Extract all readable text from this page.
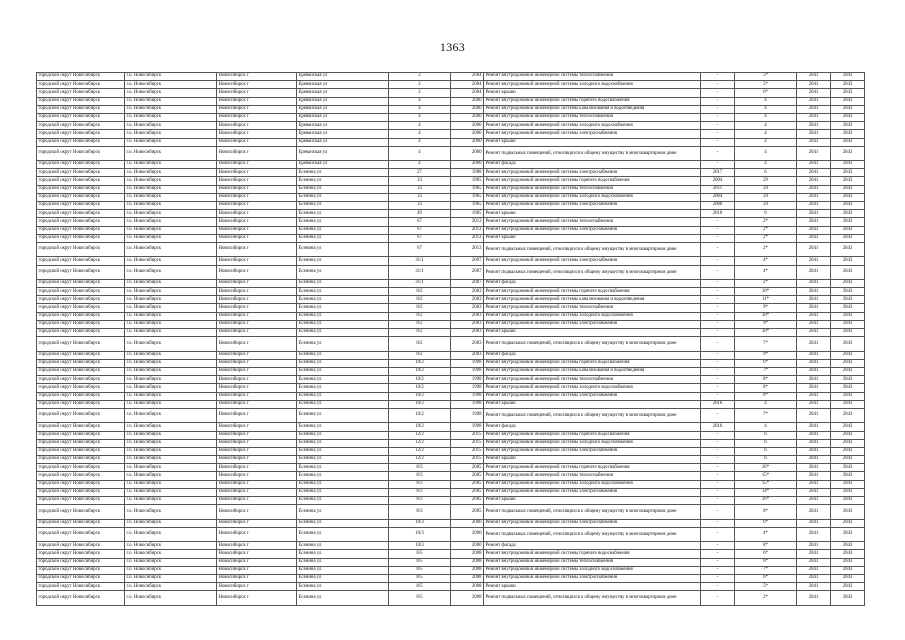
1363
городской округ Новосибирск	г.о. Новосибирск	Новосибирск г	Ереванская ул	2	2004	Ремонт внутридомовой инженерной системы теплоснабжения	-	5*	2041	2043
городской округ Новосибирск	г.о. Новосибирск	Новосибирск г	Ереванская ул	2	2004	Ремонт внутридомовой инженерной системы холодного водоснабжения	-	5*	2041	2043
городской округ Новосибирск	г.о. Новосибирск	Новосибирск г	Ереванская ул	2	2004	Ремонт крыши	-	6*	2041	2043
городской округ Новосибирск	г.о. Новосибирск	Новосибирск г	Ереванская ул	4	2000	Ремонт внутридомовой инженерной системы горячего водоснабжения	-	4	2041	2043
городской округ Новосибирск	г.о. Новосибирск	Новосибирск г	Ереванская ул	4	2000	Ремонт внутридомовой инженерной системы канализования и водоотведения	-	4	2041	2043
городской округ Новосибирск	г.о. Новосибирск	Новосибирск г	Ереванская ул	4	2000	Ремонт внутридомовой инженерной системы теплоснабжения	-	4	2041	2043
городской округ Новосибирск	г.о. Новосибирск	Новосибирск г	Ереванская ул	4	2000	Ремонт внутридомовой инженерной системы холодного водоснабжения	-	4	2041	2043
городской округ Новосибирск	г.о. Новосибирск	Новосибирск г	Ереванская ул	4	2000	Ремонт внутридомовой инженерной системы электроснабжения	-	4	2041	2043
городской округ Новосибирск	г.о. Новосибирск	Новосибирск г	Ереванская ул	4	2000	Ремонт крыши	-	4	2041	2043
городской округ Новосибирск	г.о. Новосибирск	Новосибирск г	Ереванская ул	4	2000	Ремонт подвальных помещений, относящихся к общему имуществу в многоквартирном доме	-	4	2041	2043
городской округ Новосибирск	г.о. Новосибирск	Новосибирск г	Ереванская ул	4	2000	Ремонт фасада	-	4	2041	2043
городской округ Новосибирск	г.о. Новосибирск	Новосибирск г	Есенина ул	27	1988	Ремонт внутридомовой инженерной системы электроснабжения	2017	6	2041	2043
городской округ Новосибирск	г.о. Новосибирск	Новосибирск г	Есенина ул	33	1965	Ремонт внутридомовой инженерной системы горячего водоснабжения	2004	29	2041	2043
городской округ Новосибирск	г.о. Новосибирск	Новосибирск г	Есенина ул	33	1965	Ремонт внутридомовой инженерной системы теплоснабжения	2011	29	2041	2043
городской округ Новосибирск	г.о. Новосибирск	Новосибирск г	Есенина ул	33	1965	Ремонт внутридомовой инженерной системы холодного водоснабжения	2004	29	2041	2043
городской округ Новосибирск	г.о. Новосибирск	Новосибирск г	Есенина ул	33	1965	Ремонт внутридомовой инженерной системы электроснабжения	2008	29	2041	2043
городской округ Новосибирск	г.о. Новосибирск	Новосибирск г	Есенина ул	49	1965	Ремонт крыши	2010	6	2041	2043
городской округ Новосибирск	г.о. Новосибирск	Новосибирск г	Есенина ул	67	2013	Ремонт внутридомовой инженерной системы теплоснабжения	-	2*	2041	2043
городской округ Новосибирск	г.о. Новосибирск	Новосибирск г	Есенина ул	67	2013	Ремонт внутридомовой инженерной системы электроснабжения	-	2*	2041	2043
городской округ Новосибирск	г.о. Новосибирск	Новосибирск г	Есенина ул	67	2013	Ремонт крыши	-	2*	2041	2043
городской округ Новосибирск	г.о. Новосибирск	Новосибирск г	Есенина ул	67	2013	Ремонт подвальных помещений, относящихся к общему имуществу в многоквартирном доме	-	2*	2041	2043
городской округ Новосибирск	г.о. Новосибирск	Новосибирск г	Есенина ул	31/1	2007	Ремонт внутридомовой инженерной системы электроснабжения	-	4*	2041	2043
городской округ Новосибирск	г.о. Новосибирск	Новосибирск г	Есенина ул	31/1	2007	Ремонт подвальных помещений, относящихся к общему имуществу в многоквартирном доме	-	4*	2041	2043
городской округ Новосибирск	г.о. Новосибирск	Новосибирск г	Есенина ул	31/1	2007	Ремонт фасада	-	2*	2041	2043
городской округ Новосибирск	г.о. Новосибирск	Новосибирск г	Есенина ул	8/2	2003	Ремонт внутридомовой инженерной системы горячего водоснабжения	-	10*	2041	2043
городской округ Новосибирск	г.о. Новосибирск	Новосибирск г	Есенина ул	8/2	2003	Ремонт внутридомовой инженерной системы канализования и водоотведения	-	11*	2041	2043
городской округ Новосибирск	г.о. Новосибирск	Новосибирск г	Есенина ул	8/2	2003	Ремонт внутридомовой инженерной системы теплоснабжения	-	9*	2041	2043
городской округ Новосибирск	г.о. Новосибирск	Новосибирск г	Есенина ул	8/2	2003	Ремонт внутридомовой инженерной системы холодного водоснабжения	-	10*	2041	2043
городской округ Новосибирск	г.о. Новосибирск	Новосибирск г	Есенина ул	8/2	2003	Ремонт внутридомовой инженерной системы электроснабжения	-	9*	2041	2043
городской округ Новосибирск	г.о. Новосибирск	Новосибирск г	Есенина ул	8/2	2003	Ремонт крыши	-	10*	2041	2043
городской округ Новосибирск	г.о. Новосибирск	Новосибирск г	Есенина ул	8/2	2003	Ремонт подвальных помещений, относящихся к общему имуществу в многоквартирном доме	-	7*	2041	2043
городской округ Новосибирск	г.о. Новосибирск	Новосибирск г	Есенина ул	8/2	2003	Ремонт фасада	-	9*	2041	2043
городской округ Новосибирск	г.о. Новосибирск	Новосибирск г	Есенина ул	10/2	1998	Ремонт внутридомовой инженерной системы горячего водоснабжения	-	6*	2041	2043
городской округ Новосибирск	г.о. Новосибирск	Новосибирск г	Есенина ул	10/2	1998	Ремонт внутридомовой инженерной системы канализования и водоотведения	-	7*	2041	2043
городской округ Новосибирск	г.о. Новосибирск	Новосибирск г	Есенина ул	10/2	1998	Ремонт внутридомовой инженерной системы теплоснабжения	-	8*	2041	2043
городской округ Новосибирск	г.о. Новосибирск	Новосибирск г	Есенина ул	10/2	1998	Ремонт внутридомовой инженерной системы холодного водоснабжения	-	8*	2041	2043
городской округ Новосибирск	г.о. Новосибирск	Новосибирск г	Есенина ул	10/2	1998	Ремонт внутридомовой инженерной системы электроснабжения	-	8*	2041	2043
городской округ Новосибирск	г.о. Новосибирск	Новосибирск г	Есенина ул	10/2	1998	Ремонт крыши	2016	4	2041	2043
городской округ Новосибирск	г.о. Новосибирск	Новосибирск г	Есенина ул	10/2	1998	Ремонт подвальных помещений, относящихся к общему имуществу в многоквартирном доме	-	7*	2041	2043
городской округ Новосибирск	г.о. Новосибирск	Новосибирск г	Есенина ул	10/2	1998	Ремонт фасада	2016	4	2041	2043
городской округ Новосибирск	г.о. Новосибирск	Новосибирск г	Есенина ул	12/2	2015	Ремонт внутридомовой инженерной системы горячего водоснабжения	-	6	2041	2043
городской округ Новосибирск	г.о. Новосибирск	Новосибирск г	Есенина ул	12/2	2015	Ремонт внутридомовой инженерной системы холодного водоснабжения	-	6	2041	2043
городской округ Новосибирск	г.о. Новосибирск	Новосибирск г	Есенина ул	12/2	2015	Ремонт внутридомовой инженерной системы электроснабжения	-	6	2041	2043
городской округ Новосибирск	г.о. Новосибирск	Новосибирск г	Есенина ул	12/2	2015	Ремонт крыши	-	6	2041	2043
городской округ Новосибирск	г.о. Новосибирск	Новосибирск г	Есенина ул	8/3	2005	Ремонт внутридомовой инженерной системы горячего водоснабжения	-	16*	2041	2043
городской округ Новосибирск	г.о. Новосибирск	Новосибирск г	Есенина ул	8/3	2005	Ремонт внутридомовой инженерной системы теплоснабжения	-	15*	2041	2043
городской округ Новосибирск	г.о. Новосибирск	Новосибирск г	Есенина ул	8/3	2005	Ремонт внутридомовой инженерной системы холодного водоснабжения	-	15*	2041	2043
городской округ Новосибирск	г.о. Новосибирск	Новосибирск г	Есенина ул	8/3	2005	Ремонт внутридомовой инженерной системы электроснабжения	-	14*	2041	2043
городской округ Новосибирск	г.о. Новосибирск	Новосибирск г	Есенина ул	8/3	2005	Ремонт крыши	-	16*	2041	2043
городской округ Новосибирск	г.о. Новосибирск	Новосибирск г	Есенина ул	8/3	2005	Ремонт подвальных помещений, относящихся к общему имуществу в многоквартирном доме	-	8*	2041	2043
городской округ Новосибирск	г.о. Новосибирск	Новосибирск г	Есенина ул	10/3	2000	Ремонт внутридомовой инженерной системы электроснабжения	-	6*	2041	2043
городской округ Новосибирск	г.о. Новосибирск	Новосибирск г	Есенина ул	10/3	2000	Ремонт подвальных помещений, относящихся к общему имуществу в многоквартирном доме	-	4*	2041	2043
городской округ Новосибирск	г.о. Новосибирск	Новосибирск г	Есенина ул	10/3	2000	Ремонт фасада	-	8*	2041	2043
городской округ Новосибирск	г.о. Новосибирск	Новосибирск г	Есенина ул	8/5	2008	Ремонт внутридомовой инженерной системы горячего водоснабжения	-	6*	2041	2043
городской округ Новосибирск	г.о. Новосибирск	Новосибирск г	Есенина ул	8/5	2008	Ремонт внутридомовой инженерной системы теплоснабжения	-	6*	2041	2043
городской округ Новосибирск	г.о. Новосибирск	Новосибирск г	Есенина ул	8/5	2008	Ремонт внутридомовой инженерной системы холодного водоснабжения	-	7*	2041	2043
городской округ Новосибирск	г.о. Новосибирск	Новосибирск г	Есенина ул	8/5	2008	Ремонт внутридомовой инженерной системы электроснабжения	-	6*	2041	2043
городской округ Новосибирск	г.о. Новосибирск	Новосибирск г	Есенина ул	8/5	2008	Ремонт крыши	-	5*	2041	2043
городской округ Новосибирск	г.о. Новосибирск	Новосибирск г	Есенина ул	8/5	2008	Ремонт подвальных помещений, относящихся к общему имуществу в многоквартирном доме	-	2*	2041	2043
